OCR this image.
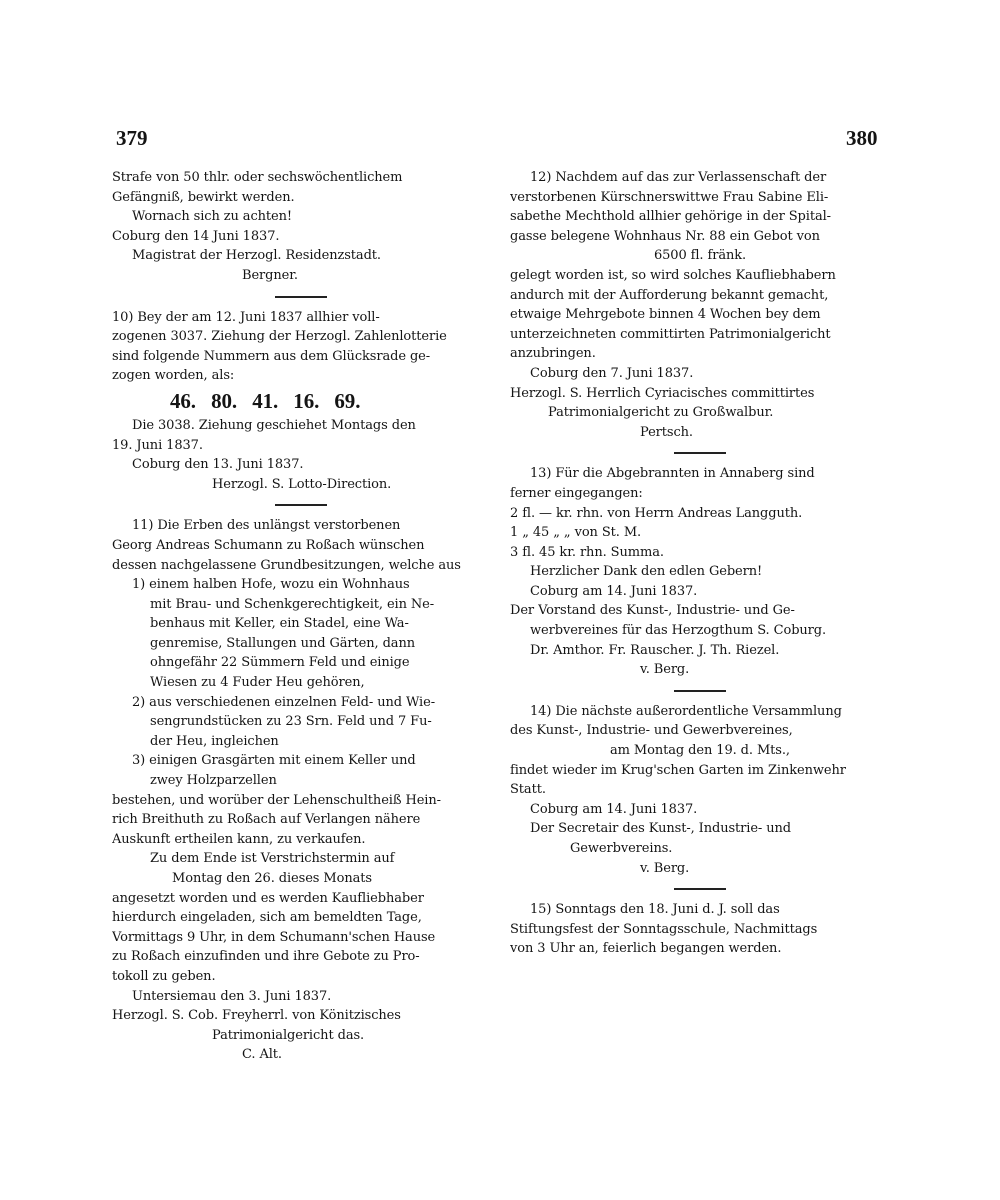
379	380
Strafe von 50 thlr. oder sechswöchentlichem
Gefängniß, bewirkt werden.
Wornach sich zu achten!
Coburg den 14 Juni 1837.
Magistrat der Herzogl. Residenzstadt.
Bergner.
10) Bey der am 12. Juni 1837 allhier voll-
zogenen 3037. Ziehung der Herzogl. Zahlenlotterie
sind folgende Nummern aus dem Glücksrade ge-
zogen worden, als:
46. 80. 41. 16. 69.
Die 3038. Ziehung geschiehet Montags den
19. Juni 1837.
Coburg den 13. Juni 1837.
Herzogl. S. Lotto-Direction.
11) Die Erben des unlängst verstorbenen
Georg Andreas Schumann zu Roßach wünschen
dessen nachgelassene Grundbesitzungen, welche aus
1) einem halben Hofe, wozu ein Wohnhaus
mit Brau- und Schenkgerechtigkeit, ein Ne-
benhaus mit Keller, ein Stadel, eine Wa-
genremise, Stallungen und Gärten, dann
ohngefähr 22 Sümmern Feld und einige
Wiesen zu 4 Fuder Heu gehören,
2) aus verschiedenen einzelnen Feld- und Wie-
sengrundstücken zu 23 Srn. Feld und 7 Fu-
der Heu, ingleichen
3) einigen Grasgärten mit einem Keller und
zwey Holzparzellen
bestehen, und worüber der Lehenschultheiß Hein-
rich Breithuth zu Roßach auf Verlangen nähere
Auskunft ertheilen kann, zu verkaufen.
Zu dem Ende ist Verstrichstermin auf
Montag den 26. dieses Monats
angesetzt worden und es werden Kaufliebhaber
hierdurch eingeladen, sich am bemeldten Tage,
Vormittags 9 Uhr, in dem Schumann'schen Hause
zu Roßach einzufinden und ihre Gebote zu Pro-
tokoll zu geben.
Untersiemau den 3. Juni 1837.
Herzogl. S. Cob. Freyherrl. von Könitzisches
Patrimonialgericht das.
C. Alt.
12) Nachdem auf das zur Verlassenschaft der
verstorbenen Kürschnerswittwe Frau Sabine Eli-
sabethe Mechthold allhier gehörige in der Spital-
gasse belegene Wohnhaus Nr. 88 ein Gebot von
6500 fl. fränk.
gelegt worden ist, so wird solches Kaufliebhabern
andurch mit der Aufforderung bekannt gemacht,
etwaige Mehrgebote binnen 4 Wochen bey dem
unterzeichneten committirten Patrimonialgericht
anzubringen.
Coburg den 7. Juni 1837.
Herzogl. S. Herrlich Cyriacisches committirtes
Patrimonialgericht zu Großwalbur.
Pertsch.
13) Für die Abgebrannten in Annaberg sind
ferner eingegangen:
2 fl. — kr. rhn. von Herrn Andreas Langguth.
1 „ 45 „ „ von St. M.
3 fl. 45 kr. rhn. Summa.
Herzlicher Dank den edlen Gebern!
Coburg am 14. Juni 1837.
Der Vorstand des Kunst-, Industrie- und Ge-
werbvereines für das Herzogthum S. Coburg.
Dr. Amthor. Fr. Rauscher. J. Th. Riezel.
v. Berg.
14) Die nächste außerordentliche Versammlung
des Kunst-, Industrie- und Gewerbvereines,
am Montag den 19. d. Mts.,
findet wieder im Krug'schen Garten im Zinkenwehr
Statt.
Coburg am 14. Juni 1837.
Der Secretair des Kunst-, Industrie- und
Gewerbvereins.
v. Berg.
15) Sonntags den 18. Juni d. J. soll das
Stiftungsfest der Sonntagsschule, Nachmittags
von 3 Uhr an, feierlich begangen werden.
